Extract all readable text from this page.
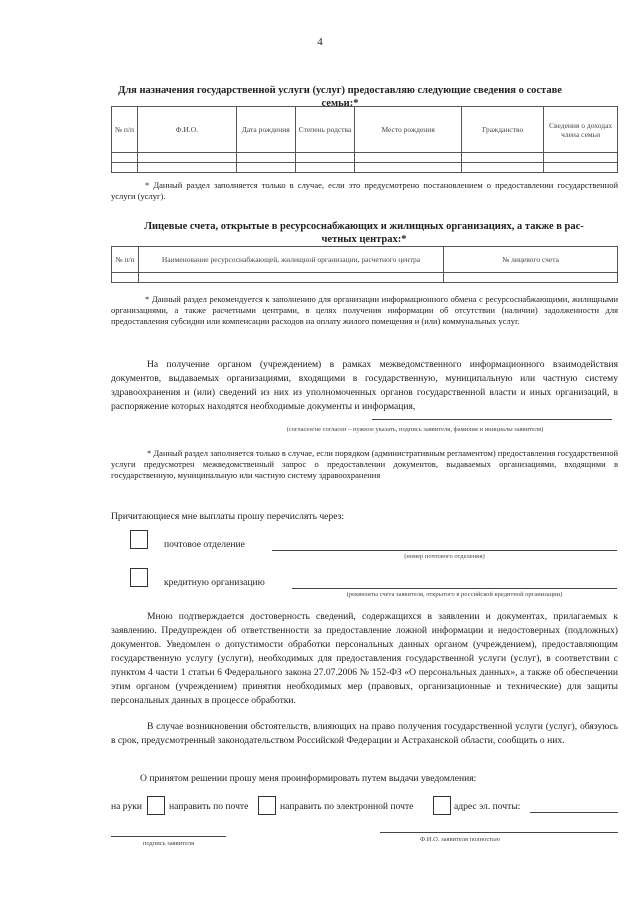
4
Для назначения государственной услуги (услуг) предоставляю следующие сведения о составе
семьи:*
№ п/п	Ф.И.О.	Дата рождения	Степень родства	Место рождения	Гражданство	Сведения о доходах члена семьи

* Данный раздел заполняется только в случае, если это предусмотрено постановлением о предоставлении государственной услуги (услуг).
Лицевые счета, открытые в ресурсоснабжающих и жилищных организациях, а также в рас-
четных центрах:*
№ п/п	Наименование ресурсоснабжающей, жилищной организации, расчетного центра	№ лицевого счета

* Данный раздел рекомендуется к заполнению для организации информационного обмена с ресурсоснабжающими, жилищными организациями, а также расчетными центрами, в целях получения информации об отсутствии (наличии) задолженности для предоставления субсидии или компенсации расходов на оплату жилого помещения и (или) коммунальных услуг.
На получение органом (учреждением) в рамках межведомственного информационного взаимодействия документов, выдаваемых организациями, входящими в государственную, муниципальную или частную систему здравоохранения и (или) сведений из них из уполномоченных органов государственной власти и иных организаций, в распоряжение которых находятся необходимые документы и информация,
(согласен/не согласен – нужное указать, подпись заявителя, фамилия и инициалы заявителя)
* Данный раздел заполняется только в случае, если порядком (административным регламентом) предоставления государственной услуги предусмотрен межведомственный запрос о предоставлении документов, выдаваемых организациями, входящими в государственную, муниципальную или частную систему здравоохранения
Причитающиеся мне выплаты прошу перечислять через:
почтовое отделение
(номер почтового отделения)
кредитную организацию
(реквизиты счета заявителя, открытого в российской кредитной организации)
Мною подтверждается достоверность сведений, содержащихся в заявлении и документах, прилагаемых к заявлению. Предупрежден об ответственности за предоставление ложной информации и недостоверных (подложных) документов. Уведомлен о допустимости обработки персональных данных органом (учреждением), предоставляющим государственную услугу (услуги), необходимых для предоставления государственной услуги (услуг), в соответствии с пунктом 4 части 1 статьи 6 Федерального закона 27.07.2006 № 152-ФЗ «О персональных данных», а также об обеспечении этим органом (учреждением) принятия необходимых мер (правовых, организационные и технические) для защиты персональных данных в процессе обработки.
В случае возникновения обстоятельств, влияющих на право получения государственной услуги (услуг), обязуюсь в срок, предусмотренный законодательством Российской Федерации и Астраханской области, сообщить о них.
О принятом решении прошу меня проинформировать путем выдачи уведомления:
на руки	направить по почте	направить по электронной почте	адрес эл. почты:
подпись заявителя
Ф.И.О. заявителя полностью
